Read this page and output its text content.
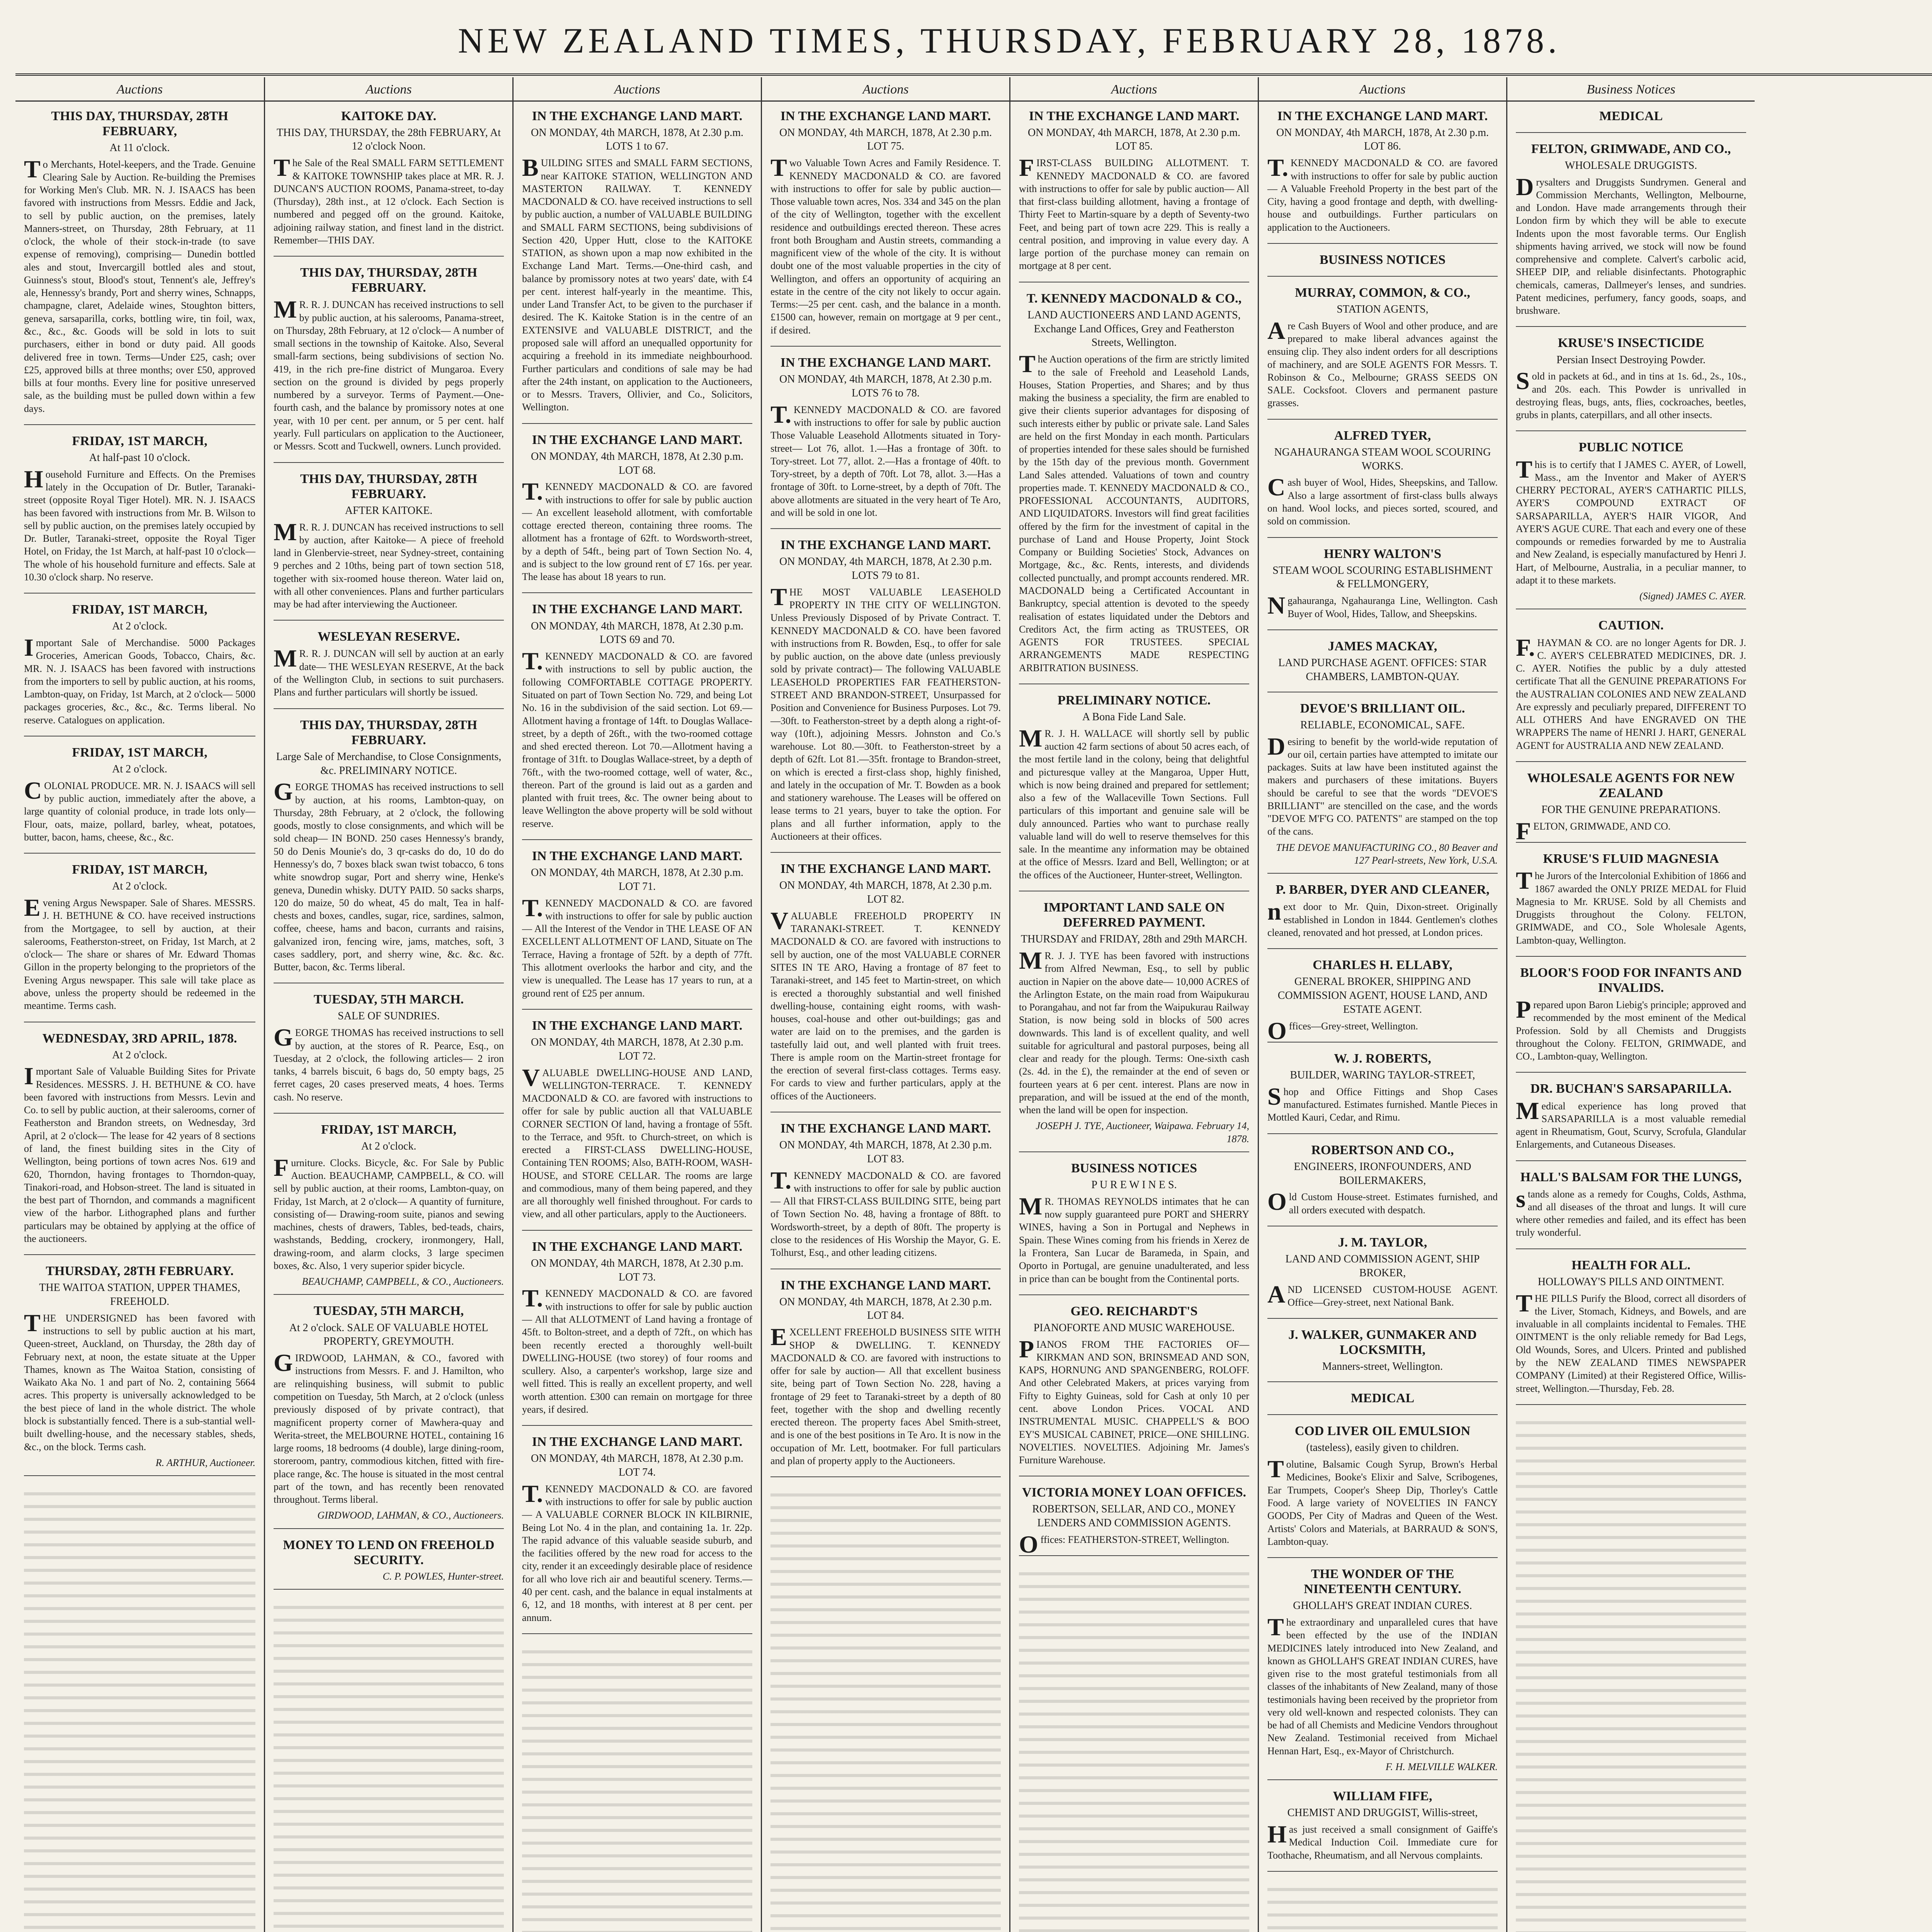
NEW ZEALAND TIMES, THURSDAY, FEBRUARY 28, 1878.
Auctions
THIS DAY, THURSDAY, 28TH FEBRUARY,
At 11 o'clock.
To Merchants, Hotel-keepers, and the Trade. Genuine Clearing Sale by Auction. Re-building the Premises for Working Men's Club. MR. N. J. ISAACS has been favored with instructions from Messrs. Eddie and Jack, to sell by public auction, on the premises, lately Manners-street, on Thursday, 28th February, at 11 o'clock, the whole of their stock-in-trade (to save expense of removing), comprising— Dunedin bottled ales and stout, Invercargill bottled ales and stout, Guinness's stout, Blood's stout, Tennent's ale, Jeffrey's ale, Hennessy's brandy, Port and sherry wines, Schnapps, champagne, claret, Adelaide wines, Stoughton bitters, geneva, sarsaparilla, corks, bottling wire, tin foil, wax, &c., &c., &c. Goods will be sold in lots to suit purchasers, either in bond or duty paid. All goods delivered free in town. Terms—Under £25, cash; over £25, approved bills at three months; over £50, approved bills at four months. Every line for positive unreserved sale, as the building must be pulled down within a few days.
FRIDAY, 1ST MARCH,
At half-past 10 o'clock.
Household Furniture and Effects. On the Premises lately in the Occupation of Dr. Butler, Taranaki-street (opposite Royal Tiger Hotel). MR. N. J. ISAACS has been favored with instructions from Mr. B. Wilson to sell by public auction, on the premises lately occupied by Dr. Butler, Taranaki-street, opposite the Royal Tiger Hotel, on Friday, the 1st March, at half-past 10 o'clock— The whole of his household furniture and effects. Sale at 10.30 o'clock sharp. No reserve.
FRIDAY, 1ST MARCH,
At 2 o'clock.
Important Sale of Merchandise. 5000 Packages Groceries, American Goods, Tobacco, Chairs, &c. MR. N. J. ISAACS has been favored with instructions from the importers to sell by public auction, at his rooms, Lambton-quay, on Friday, 1st March, at 2 o'clock— 5000 packages groceries, &c., &c., &c. Terms liberal. No reserve. Catalogues on application.
FRIDAY, 1ST MARCH,
At 2 o'clock.
COLONIAL PRODUCE. MR. N. J. ISAACS will sell by public auction, immediately after the above, a large quantity of colonial produce, in trade lots only— Flour, oats, maize, pollard, barley, wheat, potatoes, butter, bacon, hams, cheese, &c., &c.
FRIDAY, 1ST MARCH,
At 2 o'clock.
Evening Argus Newspaper. Sale of Shares. MESSRS. J. H. BETHUNE & CO. have received instructions from the Mortgagee, to sell by auction, at their salerooms, Featherston-street, on Friday, 1st March, at 2 o'clock— The share or shares of Mr. Edward Thomas Gillon in the property belonging to the proprietors of the Evening Argus newspaper. This sale will take place as above, unless the property should be redeemed in the meantime. Terms cash.
WEDNESDAY, 3RD APRIL, 1878.
At 2 o'clock.
Important Sale of Valuable Building Sites for Private Residences. MESSRS. J. H. BETHUNE & CO. have been favored with instructions from Messrs. Levin and Co. to sell by public auction, at their salerooms, corner of Featherston and Brandon streets, on Wednesday, 3rd April, at 2 o'clock— The lease for 42 years of 8 sections of land, the finest building sites in the City of Wellington, being portions of town acres Nos. 619 and 620, Thorndon, having frontages to Thorndon-quay, Tinakori-road, and Hobson-street. The land is situated in the best part of Thorndon, and commands a magnificent view of the harbor. Lithographed plans and further particulars may be obtained by applying at the office of the auctioneers.
THURSDAY, 28TH FEBRUARY.
THE WAITOA STATION, UPPER THAMES, FREEHOLD.
THE UNDERSIGNED has been favored with instructions to sell by public auction at his mart, Queen-street, Auckland, on Thursday, the 28th day of February next, at noon, the estate situate at the Upper Thames, known as The Waitoa Station, consisting of Waikato Aka No. 1 and part of No. 2, containing 5664 acres. This property is universally acknowledged to be the best piece of land in the whole district. The whole block is substantially fenced. There is a sub-stantial well-built dwelling-house, and the necessary stables, sheds, &c., on the block. Terms cash.
R. ARTHUR, Auctioneer.
Auctions
KAITOKE DAY.
THIS DAY, THURSDAY, the 28th FEBRUARY, At 12 o'clock Noon.
The Sale of the Real SMALL FARM SETTLEMENT & KAITOKE TOWNSHIP takes place at MR. R. J. DUNCAN'S AUCTION ROOMS, Panama-street, to-day (Thursday), 28th inst., at 12 o'clock. Each Section is numbered and pegged off on the ground. Kaitoke, adjoining railway station, and finest land in the district. Remember—THIS DAY.
THIS DAY, THURSDAY, 28TH FEBRUARY.
MR. R. J. DUNCAN has received instructions to sell by public auction, at his salerooms, Panama-street, on Thursday, 28th February, at 12 o'clock— A number of small sections in the township of Kaitoke. Also, Several small-farm sections, being subdivisions of section No. 419, in the rich pre-fine district of Mungaroa. Every section on the ground is divided by pegs properly numbered by a surveyor. Terms of Payment.—One-fourth cash, and the balance by promissory notes at one year, with 10 per cent. per annum, or 5 per cent. half yearly. Full particulars on application to the Auctioneer, or Messrs. Scott and Tuckwell, owners. Lunch provided.
THIS DAY, THURSDAY, 28TH FEBRUARY.
AFTER KAITOKE.
MR. R. J. DUNCAN has received instructions to sell by auction, after Kaitoke— A piece of freehold land in Glenbervie-street, near Sydney-street, containing 9 perches and 2 10ths, being part of town section 518, together with six-roomed house thereon. Water laid on, with all other conveniences. Plans and further particulars may be had after interviewing the Auctioneer.
WESLEYAN RESERVE.
MR. R. J. DUNCAN will sell by auction at an early date— THE WESLEYAN RESERVE, At the back of the Wellington Club, in sections to suit purchasers. Plans and further particulars will shortly be issued.
THIS DAY, THURSDAY, 28TH FEBRUARY.
Large Sale of Merchandise, to Close Consignments, &c. PRELIMINARY NOTICE.
GEORGE THOMAS has received instructions to sell by auction, at his rooms, Lambton-quay, on Thursday, 28th February, at 2 o'clock, the following goods, mostly to close consignments, and which will be sold cheap— IN BOND. 250 cases Hennessy's brandy, 50 do Denis Mounie's do, 3 qr-casks do do, 10 do do Hennessy's do, 7 boxes black swan twist tobacco, 6 tons white snowdrop sugar, Port and sherry wine, Henke's geneva, Dunedin whisky. DUTY PAID. 50 sacks sharps, 120 do maize, 50 do wheat, 45 do malt, Tea in half-chests and boxes, candles, sugar, rice, sardines, salmon, coffee, cheese, hams and bacon, currants and raisins, galvanized iron, fencing wire, jams, matches, soft, 3 cases saddlery, port, and sherry wine, &c. &c. &c. Butter, bacon, &c. Terms liberal.
TUESDAY, 5TH MARCH.
SALE OF SUNDRIES.
GEORGE THOMAS has received instructions to sell by auction, at the stores of R. Pearce, Esq., on Tuesday, at 2 o'clock, the following articles— 2 iron tanks, 4 barrels biscuit, 6 bags do, 50 empty bags, 25 ferret cages, 20 cases preserved meats, 4 hoes. Terms cash. No reserve.
FRIDAY, 1ST MARCH,
At 2 o'clock.
Furniture. Clocks. Bicycle, &c. For Sale by Public Auction. BEAUCHAMP, CAMPBELL, & CO. will sell by public auction, at their rooms, Lambton-quay, on Friday, 1st March, at 2 o'clock— A quantity of furniture, consisting of— Drawing-room suite, pianos and sewing machines, chests of drawers, Tables, bed-teads, chairs, washstands, Bedding, crockery, ironmongery, Hall, drawing-room, and alarm clocks, 3 large specimen boxes, &c. Also, 1 very superior spider bicycle.
BEAUCHAMP, CAMPBELL, & CO., Auctioneers.
TUESDAY, 5TH MARCH,
At 2 o'clock. SALE OF VALUABLE HOTEL PROPERTY, GREYMOUTH.
GIRDWOOD, LAHMAN, & CO., favored with instructions from Messrs. F. and J. Hamilton, who are relinquishing business, will submit to public competition on Tuesday, 5th March, at 2 o'clock (unless previously disposed of by private contract), that magnificent property corner of Mawhera-quay and Werita-street, the MELBOURNE HOTEL, containing 16 large rooms, 18 bedrooms (4 double), large dining-room, storeroom, pantry, commodious kitchen, fitted with fire-place range, &c. The house is situated in the most central part of the town, and has recently been renovated throughout. Terms liberal.
GIRDWOOD, LAHMAN, & CO., Auctioneers.
MONEY TO LEND ON FREEHOLD SECURITY.
C. P. POWLES, Hunter-street.
Auctions
IN THE EXCHANGE LAND MART.
ON MONDAY, 4th MARCH, 1878, At 2.30 p.m. LOTS 1 to 67.
BUILDING SITES and SMALL FARM SECTIONS, near KAITOKE STATION, WELLINGTON AND MASTERTON RAILWAY. T. KENNEDY MACDONALD & CO. have received instructions to sell by public auction, a number of VALUABLE BUILDING and SMALL FARM SECTIONS, being subdivisions of Section 420, Upper Hutt, close to the KAITOKE STATION, as shown upon a map now exhibited in the Exchange Land Mart. Terms.—One-third cash, and balance by promissory notes at two years' date, with £4 per cent. interest half-yearly in the meantime. This, under Land Transfer Act, to be given to the purchaser if desired. The K. Kaitoke Station is in the centre of an EXTENSIVE and VALUABLE DISTRICT, and the proposed sale will afford an unequalled opportunity for acquiring a freehold in its immediate neighbourhood. Further particulars and conditions of sale may be had after the 24th instant, on application to the Auctioneers, or to Messrs. Travers, Ollivier, and Co., Solicitors, Wellington.
IN THE EXCHANGE LAND MART.
ON MONDAY, 4th MARCH, 1878, At 2.30 p.m. LOT 68.
T.KENNEDY MACDONALD & CO. are favored with instructions to offer for sale by public auction— An excellent leasehold allotment, with comfortable cottage erected thereon, containing three rooms. The allotment has a frontage of 62ft. to Wordsworth-street, by a depth of 54ft., being part of Town Section No. 4, and is subject to the low ground rent of £7 16s. per year. The lease has about 18 years to run.
IN THE EXCHANGE LAND MART.
ON MONDAY, 4th MARCH, 1878, At 2.30 p.m. LOTS 69 and 70.
T.KENNEDY MACDONALD & CO. are favored with instructions to sell by public auction, the following COMFORTABLE COTTAGE PROPERTY. Situated on part of Town Section No. 729, and being Lot No. 16 in the subdivision of the said section. Lot 69.—Allotment having a frontage of 14ft. to Douglas Wallace-street, by a depth of 26ft., with the two-roomed cottage and shed erected thereon. Lot 70.—Allotment having a frontage of 31ft. to Douglas Wallace-street, by a depth of 76ft., with the two-roomed cottage, well of water, &c., thereon. Part of the ground is laid out as a garden and planted with fruit trees, &c. The owner being about to leave Wellington the above property will be sold without reserve.
IN THE EXCHANGE LAND MART.
ON MONDAY, 4th MARCH, 1878, At 2.30 p.m. LOT 71.
T.KENNEDY MACDONALD & CO. are favored with instructions to offer for sale by public auction— All the Interest of the Vendor in THE LEASE OF AN EXCELLENT ALLOTMENT OF LAND, Situate on The Terrace, Having a frontage of 52ft. by a depth of 77ft. This allotment overlooks the harbor and city, and the view is unequalled. The Lease has 17 years to run, at a ground rent of £25 per annum.
IN THE EXCHANGE LAND MART.
ON MONDAY, 4th MARCH, 1878, At 2.30 p.m. LOT 72.
VALUABLE DWELLING-HOUSE AND LAND, WELLINGTON-TERRACE. T. KENNEDY MACDONALD & CO. are favored with instructions to offer for sale by public auction all that VALUABLE CORNER SECTION Of land, having a frontage of 55ft. to the Terrace, and 95ft. to Church-street, on which is erected a FIRST-CLASS DWELLING-HOUSE, Containing TEN ROOMS; Also, BATH-ROOM, WASH-HOUSE, and STORE CELLAR. The rooms are large and commodious, many of them being papered, and they are all thoroughly well finished throughout. For cards to view, and all other particulars, apply to the Auctioneers.
IN THE EXCHANGE LAND MART.
ON MONDAY, 4th MARCH, 1878, At 2.30 p.m. LOT 73.
T.KENNEDY MACDONALD & CO. are favored with instructions to offer for sale by public auction— All that ALLOTMENT of Land having a frontage of 45ft. to Bolton-street, and a depth of 72ft., on which has been recently erected a thoroughly well-built DWELLING-HOUSE (two storey) of four rooms and scullery. Also, a carpenter's workshop, large size and well fitted. This is really an excellent property, and well worth attention. £300 can remain on mortgage for three years, if desired.
IN THE EXCHANGE LAND MART.
ON MONDAY, 4th MARCH, 1878, At 2.30 p.m. LOT 74.
T.KENNEDY MACDONALD & CO. are favored with instructions to offer for sale by public auction— A VALUABLE CORNER BLOCK IN KILBIRNIE, Being Lot No. 4 in the plan, and containing 1a. 1r. 22p. The rapid advance of this valuable seaside suburb, and the facilities offered by the new road for access to the city, render it an exceedingly desirable place of residence for all who love rich air and beautiful scenery. Terms.—40 per cent. cash, and the balance in equal instalments at 6, 12, and 18 months, with interest at 8 per cent. per annum.
Auctions
IN THE EXCHANGE LAND MART.
ON MONDAY, 4th MARCH, 1878, At 2.30 p.m. LOT 75.
Two Valuable Town Acres and Family Residence. T. KENNEDY MACDONALD & CO. are favored with instructions to offer for sale by public auction— Those valuable town acres, Nos. 334 and 345 on the plan of the city of Wellington, together with the excellent residence and outbuildings erected thereon. These acres front both Brougham and Austin streets, commanding a magnificent view of the whole of the city. It is without doubt one of the most valuable properties in the city of Wellington, and offers an opportunity of acquiring an estate in the centre of the city not likely to occur again. Terms:—25 per cent. cash, and the balance in a month. £1500 can, however, remain on mortgage at 9 per cent., if desired.
IN THE EXCHANGE LAND MART.
ON MONDAY, 4th MARCH, 1878, At 2.30 p.m. LOTS 76 to 78.
T.KENNEDY MACDONALD & CO. are favored with instructions to offer for sale by public auction Those Valuable Leasehold Allotments situated in Tory-street— Lot 76, allot. 1.—Has a frontage of 30ft. to Tory-street. Lot 77, allot. 2.—Has a frontage of 40ft. to Tory-street, by a depth of 70ft. Lot 78, allot. 3.—Has a frontage of 30ft. to Lorne-street, by a depth of 70ft. The above allotments are situated in the very heart of Te Aro, and will be sold in one lot.
IN THE EXCHANGE LAND MART.
ON MONDAY, 4th MARCH, 1878, At 2.30 p.m. LOTS 79 to 81.
THE MOST VALUABLE LEASEHOLD PROPERTY IN THE CITY OF WELLINGTON. Unless Previously Disposed of by Private Contract. T. KENNEDY MACDONALD & CO. have been favored with instructions from R. Bowden, Esq., to offer for sale by public auction, on the above date (unless previously sold by private contract)— The following VALUABLE LEASEHOLD PROPERTIES FAR FEATHERSTON-STREET AND BRANDON-STREET, Unsurpassed for Position and Convenience for Business Purposes. Lot 79.—30ft. to Featherston-street by a depth along a right-of-way (10ft.), adjoining Messrs. Johnston and Co.'s warehouse. Lot 80.—30ft. to Featherston-street by a depth of 62ft. Lot 81.—35ft. frontage to Brandon-street, on which is erected a first-class shop, highly finished, and lately in the occupation of Mr. T. Bowden as a book and stationery warehouse. The Leases will be offered on lease terms to 21 years, buyer to take the option. For plans and all further information, apply to the Auctioneers at their offices.
IN THE EXCHANGE LAND MART.
ON MONDAY, 4th MARCH, 1878, At 2.30 p.m. LOT 82.
VALUABLE FREEHOLD PROPERTY IN TARANAKI-STREET. T. KENNEDY MACDONALD & CO. are favored with instructions to sell by auction, one of the most VALUABLE CORNER SITES IN TE ARO, Having a frontage of 87 feet to Taranaki-street, and 145 feet to Martin-street, on which is erected a thoroughly substantial and well finished dwelling-house, containing eight rooms, with wash-houses, coal-house and other out-buildings; gas and water are laid on to the premises, and the garden is tastefully laid out, and well planted with fruit trees. There is ample room on the Martin-street frontage for the erection of several first-class cottages. Terms easy. For cards to view and further particulars, apply at the offices of the Auctioneers.
IN THE EXCHANGE LAND MART.
ON MONDAY, 4th MARCH, 1878, At 2.30 p.m. LOT 83.
T.KENNEDY MACDONALD & CO. are favored with instructions to offer for sale by public auction— All that FIRST-CLASS BUILDING SITE, being part of Town Section No. 48, having a frontage of 88ft. to Wordsworth-street, by a depth of 80ft. The property is close to the residences of His Worship the Mayor, G. E. Tolhurst, Esq., and other leading citizens.
IN THE EXCHANGE LAND MART.
ON MONDAY, 4th MARCH, 1878, At 2.30 p.m. LOT 84.
EXCELLENT FREEHOLD BUSINESS SITE WITH SHOP & DWELLING. T. KENNEDY MACDONALD & CO. are favored with instructions to offer for sale by auction— All that excellent business site, being part of Town Section No. 228, having a frontage of 29 feet to Taranaki-street by a depth of 80 feet, together with the shop and dwelling recently erected thereon. The property faces Abel Smith-street, and is one of the best positions in Te Aro. It is now in the occupation of Mr. Lett, bootmaker. For full particulars and plan of property apply to the Auctioneers.
Auctions
IN THE EXCHANGE LAND MART.
ON MONDAY, 4th MARCH, 1878, At 2.30 p.m. LOT 85.
FIRST-CLASS BUILDING ALLOTMENT. T. KENNEDY MACDONALD & CO. are favored with instructions to offer for sale by public auction— All that first-class building allotment, having a frontage of Thirty Feet to Martin-square by a depth of Seventy-two Feet, and being part of town acre 229. This is really a central position, and improving in value every day. A large portion of the purchase money can remain on mortgage at 8 per cent.
T. KENNEDY MACDONALD & CO.,
LAND AUCTIONEERS AND LAND AGENTS, Exchange Land Offices, Grey and Featherston Streets, Wellington.
The Auction operations of the firm are strictly limited to the sale of Freehold and Leasehold Lands, Houses, Station Properties, and Shares; and by thus making the business a speciality, the firm are enabled to give their clients superior advantages for disposing of such interests either by public or private sale. Land Sales are held on the first Monday in each month. Particulars of properties intended for these sales should be furnished by the 15th day of the previous month. Government Land Sales attended. Valuations of town and country properties made. T. KENNEDY MACDONALD & CO., PROFESSIONAL ACCOUNTANTS, AUDITORS, AND LIQUIDATORS. Investors will find great facilities offered by the firm for the investment of capital in the purchase of Land and House Property, Joint Stock Company or Building Societies' Stock, Advances on Mortgage, &c., &c. Rents, interests, and dividends collected punctually, and prompt accounts rendered. MR. MACDONALD being a Certificated Accountant in Bankruptcy, special attention is devoted to the speedy realisation of estates liquidated under the Debtors and Creditors Act, the firm acting as TRUSTEES, OR AGENTS FOR TRUSTEES. SPECIAL ARRANGEMENTS MADE RESPECTING ARBITRATION BUSINESS.
PRELIMINARY NOTICE.
A Bona Fide Land Sale.
MR. J. H. WALLACE will shortly sell by public auction 42 farm sections of about 50 acres each, of the most fertile land in the colony, being that delightful and picturesque valley at the Mangaroa, Upper Hutt, which is now being drained and prepared for settlement; also a few of the Wallaceville Town Sections. Full particulars of this important and genuine sale will be duly announced. Parties who want to purchase really valuable land will do well to reserve themselves for this sale. In the meantime any information may be obtained at the office of Messrs. Izard and Bell, Wellington; or at the offices of the Auctioneer, Hunter-street, Wellington.
IMPORTANT LAND SALE ON DEFERRED PAYMENT.
THURSDAY and FRIDAY, 28th and 29th MARCH.
MR. J. J. TYE has been favored with instructions from Alfred Newman, Esq., to sell by public auction in Napier on the above date— 10,000 ACRES of the Arlington Estate, on the main road from Waipukurau to Porangahau, and not far from the Waipukurau Railway Station, is now being sold in blocks of 500 acres downwards. This land is of excellent quality, and well suitable for agricultural and pastoral purposes, being all clear and ready for the plough. Terms: One-sixth cash (2s. 4d. in the £), the remainder at the end of seven or fourteen years at 6 per cent. interest. Plans are now in preparation, and will be issued at the end of the month, when the land will be open for inspection.
JOSEPH J. TYE, Auctioneer, Waipawa. February 14, 1878.
BUSINESS NOTICES
P U R E W I N E S.
MR. THOMAS REYNOLDS intimates that he can now supply guaranteed pure PORT and SHERRY WINES, having a Son in Portugal and Nephews in Spain. These Wines coming from his friends in Xerez de la Frontera, San Lucar de Barameda, in Spain, and Oporto in Portugal, are genuine unadulterated, and less in price than can be bought from the Continental ports.
GEO. REICHARDT'S
PIANOFORTE AND MUSIC WAREHOUSE.
PIANOS FROM THE FACTORIES OF— KIRKMAN AND SON, BRINSMEAD AND SON, KAPS, HORNUNG AND SPANGENBERG, ROLOFF. And other Celebrated Makers, at prices varying from Fifty to Eighty Guineas, sold for Cash at only 10 per cent. above London Prices. VOCAL AND INSTRUMENTAL MUSIC. CHAPPELL'S & BOO EY'S MUSICAL CABINET, PRICE—ONE SHILLING. NOVELTIES. NOVELTIES. Adjoining Mr. James's Furniture Warehouse.
VICTORIA MONEY LOAN OFFICES.
ROBERTSON, SELLAR, AND CO., MONEY LENDERS AND COMMISSION AGENTS.
Offices: FEATHERSTON-STREET, Wellington.
Auctions
IN THE EXCHANGE LAND MART.
ON MONDAY, 4th MARCH, 1878, At 2.30 p.m. LOT 86.
T.KENNEDY MACDONALD & CO. are favored with instructions to offer for sale by public auction— A Valuable Freehold Property in the best part of the City, having a good frontage and depth, with dwelling-house and outbuildings. Further particulars on application to the Auctioneers.
BUSINESS NOTICES
MURRAY, COMMON, & CO.,
STATION AGENTS,
Are Cash Buyers of Wool and other produce, and are prepared to make liberal advances against the ensuing clip. They also indent orders for all descriptions of machinery, and are SOLE AGENTS FOR Messrs. T. Robinson & Co., Melbourne; GRASS SEEDS ON SALE. Cocksfoot. Clovers and permanent pasture grasses.
ALFRED TYER,
NGAHAURANGA STEAM WOOL SCOURING WORKS.
Cash buyer of Wool, Hides, Sheepskins, and Tallow. Also a large assortment of first-class bulls always on hand. Wool locks, and pieces sorted, scoured, and sold on commission.
HENRY WALTON'S
STEAM WOOL SCOURING ESTABLISHMENT & FELLMONGERY,
Ngahauranga, Ngahauranga Line, Wellington. Cash Buyer of Wool, Hides, Tallow, and Sheepskins.
JAMES MACKAY,
LAND PURCHASE AGENT. OFFICES: STAR CHAMBERS, LAMBTON-QUAY.
DEVOE'S BRILLIANT OIL.
RELIABLE, ECONOMICAL, SAFE.
Desiring to benefit by the world-wide reputation of our oil, certain parties have attempted to imitate our packages. Suits at law have been instituted against the makers and purchasers of these imitations. Buyers should be careful to see that the words "DEVOE'S BRILLIANT" are stencilled on the case, and the words "DEVOE M'F'G CO. PATENTS" are stamped on the top of the cans.
THE DEVOE MANUFACTURING CO., 80 Beaver and 127 Pearl-streets, New York, U.S.A.
P. BARBER, DYER AND CLEANER,
next door to Mr. Quin, Dixon-street. Originally established in London in 1844. Gentlemen's clothes cleaned, renovated and hot pressed, at London prices.
CHARLES H. ELLABY,
GENERAL BROKER, SHIPPING AND COMMISSION AGENT, HOUSE LAND, AND ESTATE AGENT.
Offices—Grey-street, Wellington.
W. J. ROBERTS,
BUILDER, WARING TAYLOR-STREET,
Shop and Office Fittings and Shop Cases manufactured. Estimates furnished. Mantle Pieces in Mottled Kauri, Cedar, and Rimu.
ROBERTSON AND CO.,
ENGINEERS, IRONFOUNDERS, AND BOILERMAKERS,
Old Custom House-street. Estimates furnished, and all orders executed with despatch.
J. M. TAYLOR,
LAND AND COMMISSION AGENT, SHIP BROKER,
AND LICENSED CUSTOM-HOUSE AGENT. Office—Grey-street, next National Bank.
J. WALKER, GUNMAKER AND LOCKSMITH,
Manners-street, Wellington.
MEDICAL
COD LIVER OIL EMULSION
(tasteless), easily given to children.
Tolutine, Balsamic Cough Syrup, Brown's Herbal Medicines, Booke's Elixir and Salve, Scribogenes, Ear Trumpets, Cooper's Sheep Dip, Thorley's Cattle Food. A large variety of NOVELTIES IN FANCY GOODS, Per City of Madras and Queen of the West. Artists' Colors and Materials, at BARRAUD & SON'S, Lambton-quay.
THE WONDER OF THE NINETEENTH CENTURY.
GHOLLAH'S GREAT INDIAN CURES.
The extraordinary and unparalleled cures that have been effected by the use of the INDIAN MEDICINES lately introduced into New Zealand, and known as GHOLLAH'S GREAT INDIAN CURES, have given rise to the most grateful testimonials from all classes of the inhabitants of New Zealand, many of those testimonials having been received by the proprietor from very old well-known and respected colonists. They can be had of all Chemists and Medicine Vendors throughout New Zealand. Testimonial received from Michael Hennan Hart, Esq., ex-Mayor of Christchurch.
F. H. MELVILLE WALKER.
WILLIAM FIFE,
CHEMIST AND DRUGGIST, Willis-street,
Has just received a small consignment of Gaiffe's Medical Induction Coil. Immediate cure for Toothache, Rheumatism, and all Nervous complaints.
Business Notices
MEDICAL
FELTON, GRIMWADE, AND CO.,
WHOLESALE DRUGGISTS.
Drysalters and Druggists Sundrymen. General and Commission Merchants, Wellington, Melbourne, and London. Have made arrangements through their London firm by which they will be able to execute Indents upon the most favorable terms. Our English shipments having arrived, we stock will now be found comprehensive and complete. Calvert's carbolic acid, SHEEP DIP, and reliable disinfectants. Photographic chemicals, cameras, Dallmeyer's lenses, and sundries. Patent medicines, perfumery, fancy goods, soaps, and brushware.
KRUSE'S INSECTICIDE
Persian Insect Destroying Powder.
Sold in packets at 6d., and in tins at 1s. 6d., 2s., 10s., and 20s. each. This Powder is unrivalled in destroying fleas, bugs, ants, flies, cockroaches, beetles, grubs in plants, caterpillars, and all other insects.
PUBLIC NOTICE
This is to certify that I JAMES C. AYER, of Lowell, Mass., am the Inventor and Maker of AYER'S CHERRY PECTORAL, AYER'S CATHARTIC PILLS, AYER'S COMPOUND EXTRACT OF SARSAPARILLA, AYER'S HAIR VIGOR, And AYER'S AGUE CURE. That each and every one of these compounds or remedies forwarded by me to Australia and New Zealand, is especially manufactured by Henri J. Hart, of Melbourne, Australia, in a peculiar manner, to adapt it to these markets.
(Signed) JAMES C. AYER.
CAUTION.
F.HAYMAN & CO. are no longer Agents for DR. J. C. AYER'S CELEBRATED MEDICINES, DR. J. C. AYER. Notifies the public by a duly attested certificate That all the GENUINE PREPARATIONS For the AUSTRALIAN COLONIES AND NEW ZEALAND Are expressly and peculiarly prepared, DIFFERENT TO ALL OTHERS And have ENGRAVED ON THE WRAPPERS The name of HENRI J. HART, GENERAL AGENT for AUSTRALIA AND NEW ZEALAND.
WHOLESALE AGENTS FOR NEW ZEALAND
FOR THE GENUINE PREPARATIONS.
FELTON, GRIMWADE, AND CO.
KRUSE'S FLUID MAGNESIA
The Jurors of the Intercolonial Exhibition of 1866 and 1867 awarded the ONLY PRIZE MEDAL for Fluid Magnesia to Mr. KRUSE. Sold by all Chemists and Druggists throughout the Colony. FELTON, GRIMWADE, and CO., Sole Wholesale Agents, Lambton-quay, Wellington.
BLOOR'S FOOD FOR INFANTS AND INVALIDS.
Prepared upon Baron Liebig's principle; approved and recommended by the most eminent of the Medical Profession. Sold by all Chemists and Druggists throughout the Colony. FELTON, GRIMWADE, and CO., Lambton-quay, Wellington.
DR. BUCHAN'S SARSAPARILLA.
Medical experience has long proved that SARSAPARILLA is a most valuable remedial agent in Rheumatism, Gout, Scurvy, Scrofula, Glandular Enlargements, and Cutaneous Diseases.
HALL'S BALSAM FOR THE LUNGS,
stands alone as a remedy for Coughs, Colds, Asthma, and all diseases of the throat and lungs. It will cure where other remedies and failed, and its effect has been truly wonderful.
HEALTH FOR ALL.
HOLLOWAY'S PILLS AND OINTMENT.
THE PILLS Purify the Blood, correct all disorders of the Liver, Stomach, Kidneys, and Bowels, and are invaluable in all complaints incidental to Females. THE OINTMENT is the only reliable remedy for Bad Legs, Old Wounds, Sores, and Ulcers. Printed and published by the NEW ZEALAND TIMES NEWSPAPER COMPANY (Limited) at their Registered Office, Willis-street, Wellington.—Thursday, Feb. 28.
